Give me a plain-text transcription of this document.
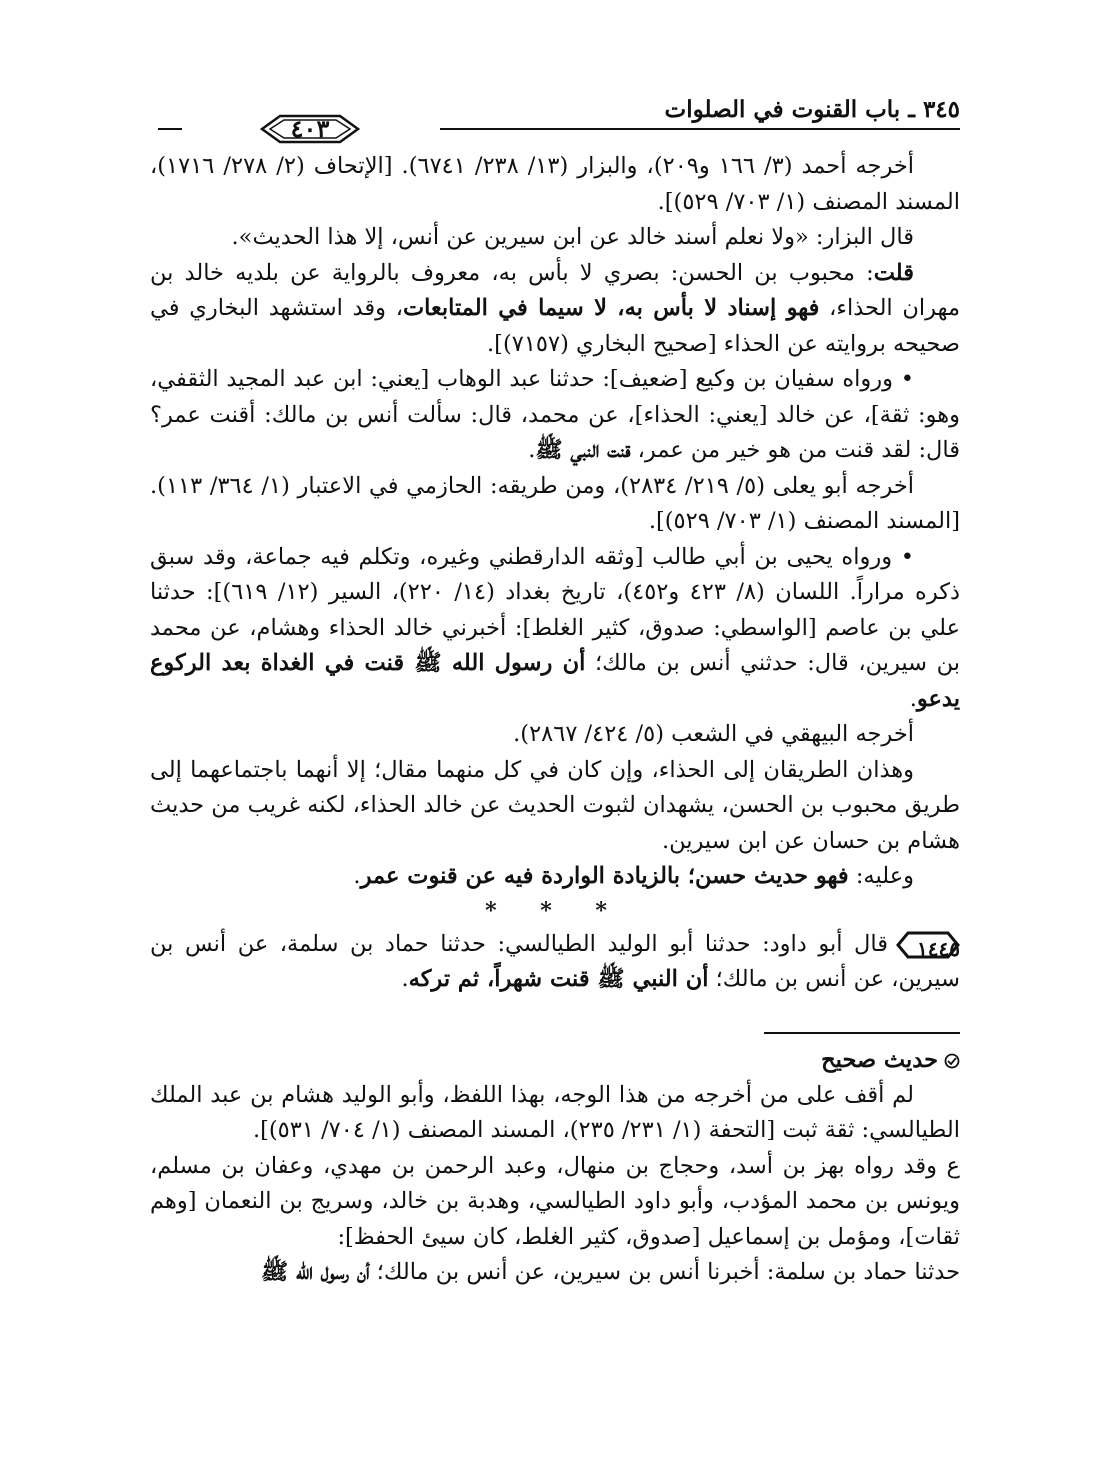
٣٤٥ ـ باب القنوت في الصلوات
٤٠٣

أخرجه أحمد (٣/ ١٦٦ و٢٠٩)، والبزار (١٣/ ٢٣٨/ ٦٧٤١). [الإتحاف (٢/ ٢٧٨/ ١٧١٦)، المسند المصنف (١/ ٧٠٣/ ٥٢٩)].

قال البزار: «ولا نعلم أسند خالد عن ابن سيرين عن أنس، إلا هذا الحديث».

قلت: محبوب بن الحسن: بصري لا بأس به، معروف بالرواية عن بلديه خالد بن مهران الحذاء، فهو إسناد لا بأس به، لا سيما في المتابعات، وقد استشهد البخاري في صحيحه بروايته عن الحذاء [صحيح البخاري (٧١٥٧)].

• ورواه سفيان بن وكيع [ضعيف]: حدثنا عبد الوهاب [يعني: ابن عبد المجيد الثقفي، وهو: ثقة]، عن خالد [يعني: الحذاء]، عن محمد، قال: سألت أنس بن مالك: أقنت عمر؟ قال: لقد قنت من هو خير من عمر، قنت النبي ﷺ.

أخرجه أبو يعلى (٥/ ٢١٩/ ٢٨٣٤)، ومن طريقه: الحازمي في الاعتبار (١/ ٣٦٤/ ١١٣). [المسند المصنف (١/ ٧٠٣/ ٥٢٩)].

• ورواه يحيى بن أبي طالب [وثقه الدارقطني وغيره، وتكلم فيه جماعة، وقد سبق ذكره مراراً. اللسان (٨/ ٤٢٣ و٤٥٢)، تاريخ بغداد (١٤/ ٢٢٠)، السير (١٢/ ٦١٩)]: حدثنا علي بن عاصم [الواسطي: صدوق، كثير الغلط]: أخبرني خالد الحذاء وهشام، عن محمد بن سيرين، قال: حدثني أنس بن مالك؛ أن رسول الله ﷺ قنت في الغداة بعد الركوع يدعو.

أخرجه البيهقي في الشعب (٥/ ٤٢٤/ ٢٨٦٧).

وهذان الطريقان إلى الحذاء، وإن كان في كل منهما مقال؛ إلا أنهما باجتماعهما إلى طريق محبوب بن الحسن، يشهدان لثبوت الحديث عن خالد الحذاء، لكنه غريب من حديث هشام بن حسان عن ابن سيرين.

وعليه: فهو حديث حسن؛ بالزيادة الواردة فيه عن قنوت عمر.

* * *

١٤٤٥
قال أبو داود: حدثنا أبو الوليد الطيالسي: حدثنا حماد بن سلمة، عن أنس بن سيرين، عن أنس بن مالك؛ أن النبي ﷺ قنت شهراً، ثم تركه.

حديث صحيح

لم أقف على من أخرجه من هذا الوجه، بهذا اللفظ، وأبو الوليد هشام بن عبد الملك الطيالسي: ثقة ثبت [التحفة (١/ ٢٣١/ ٢٣٥)، المسند المصنف (١/ ٧٠٤/ ٥٣١)].

ع وقد رواه بهز بن أسد، وحجاج بن منهال، وعبد الرحمن بن مهدي، وعفان بن مسلم، ويونس بن محمد المؤدب، وأبو داود الطيالسي، وهدبة بن خالد، وسريج بن النعمان [وهم ثقات]، ومؤمل بن إسماعيل [صدوق، كثير الغلط، كان سيئ الحفظ]:

حدثنا حماد بن سلمة: أخبرنا أنس بن سيرين، عن أنس بن مالك؛ أن رسول الله ﷺ
